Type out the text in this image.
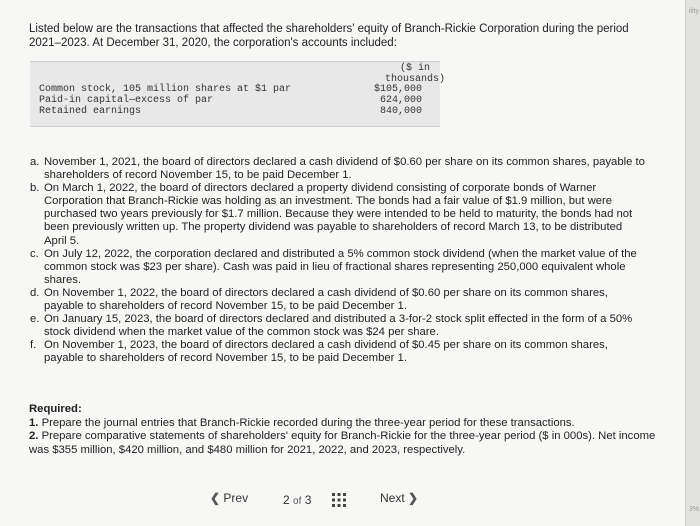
Listed below are the transactions that affected the shareholders' equity of Branch-Rickie Corporation during the period 2021–2023. At December 31, 2020, the corporation's accounts included:
($ in
thousands)
Common stock, 105 million shares at $1 par	$105,000
Paid-in capital—excess of par	624,000
Retained earnings	840,000
a. November 1, 2021, the board of directors declared a cash dividend of $0.60 per share on its common shares, payable to shareholders of record November 15, to be paid December 1.
b. On March 1, 2022, the board of directors declared a property dividend consisting of corporate bonds of Warner Corporation that Branch-Rickie was holding as an investment. The bonds had a fair value of $1.9 million, but were purchased two years previously for $1.7 million. Because they were intended to be held to maturity, the bonds had not been previously written up. The property dividend was payable to shareholders of record March 13, to be distributed April 5.
c. On July 12, 2022, the corporation declared and distributed a 5% common stock dividend (when the market value of the common stock was $23 per share). Cash was paid in lieu of fractional shares representing 250,000 equivalent whole shares.
d. On November 1, 2022, the board of directors declared a cash dividend of $0.60 per share on its common shares, payable to shareholders of record November 15, to be paid December 1.
e. On January 15, 2023, the board of directors declared and distributed a 3-for-2 stock split effected in the form of a 50% stock dividend when the market value of the common stock was $24 per share.
f. On November 1, 2023, the board of directors declared a cash dividend of $0.45 per share on its common shares, payable to shareholders of record November 15, to be paid December 1.
Required:
1. Prepare the journal entries that Branch-Rickie recorded during the three-year period for these transactions.
2. Prepare comparative statements of shareholders' equity for Branch-Rickie for the three-year period ($ in 000s). Net income was $355 million, $420 million, and $480 million for 2021, 2022, and 2023, respectively.
❮ Prev	2 of 3	Next ❯
ility
3%
